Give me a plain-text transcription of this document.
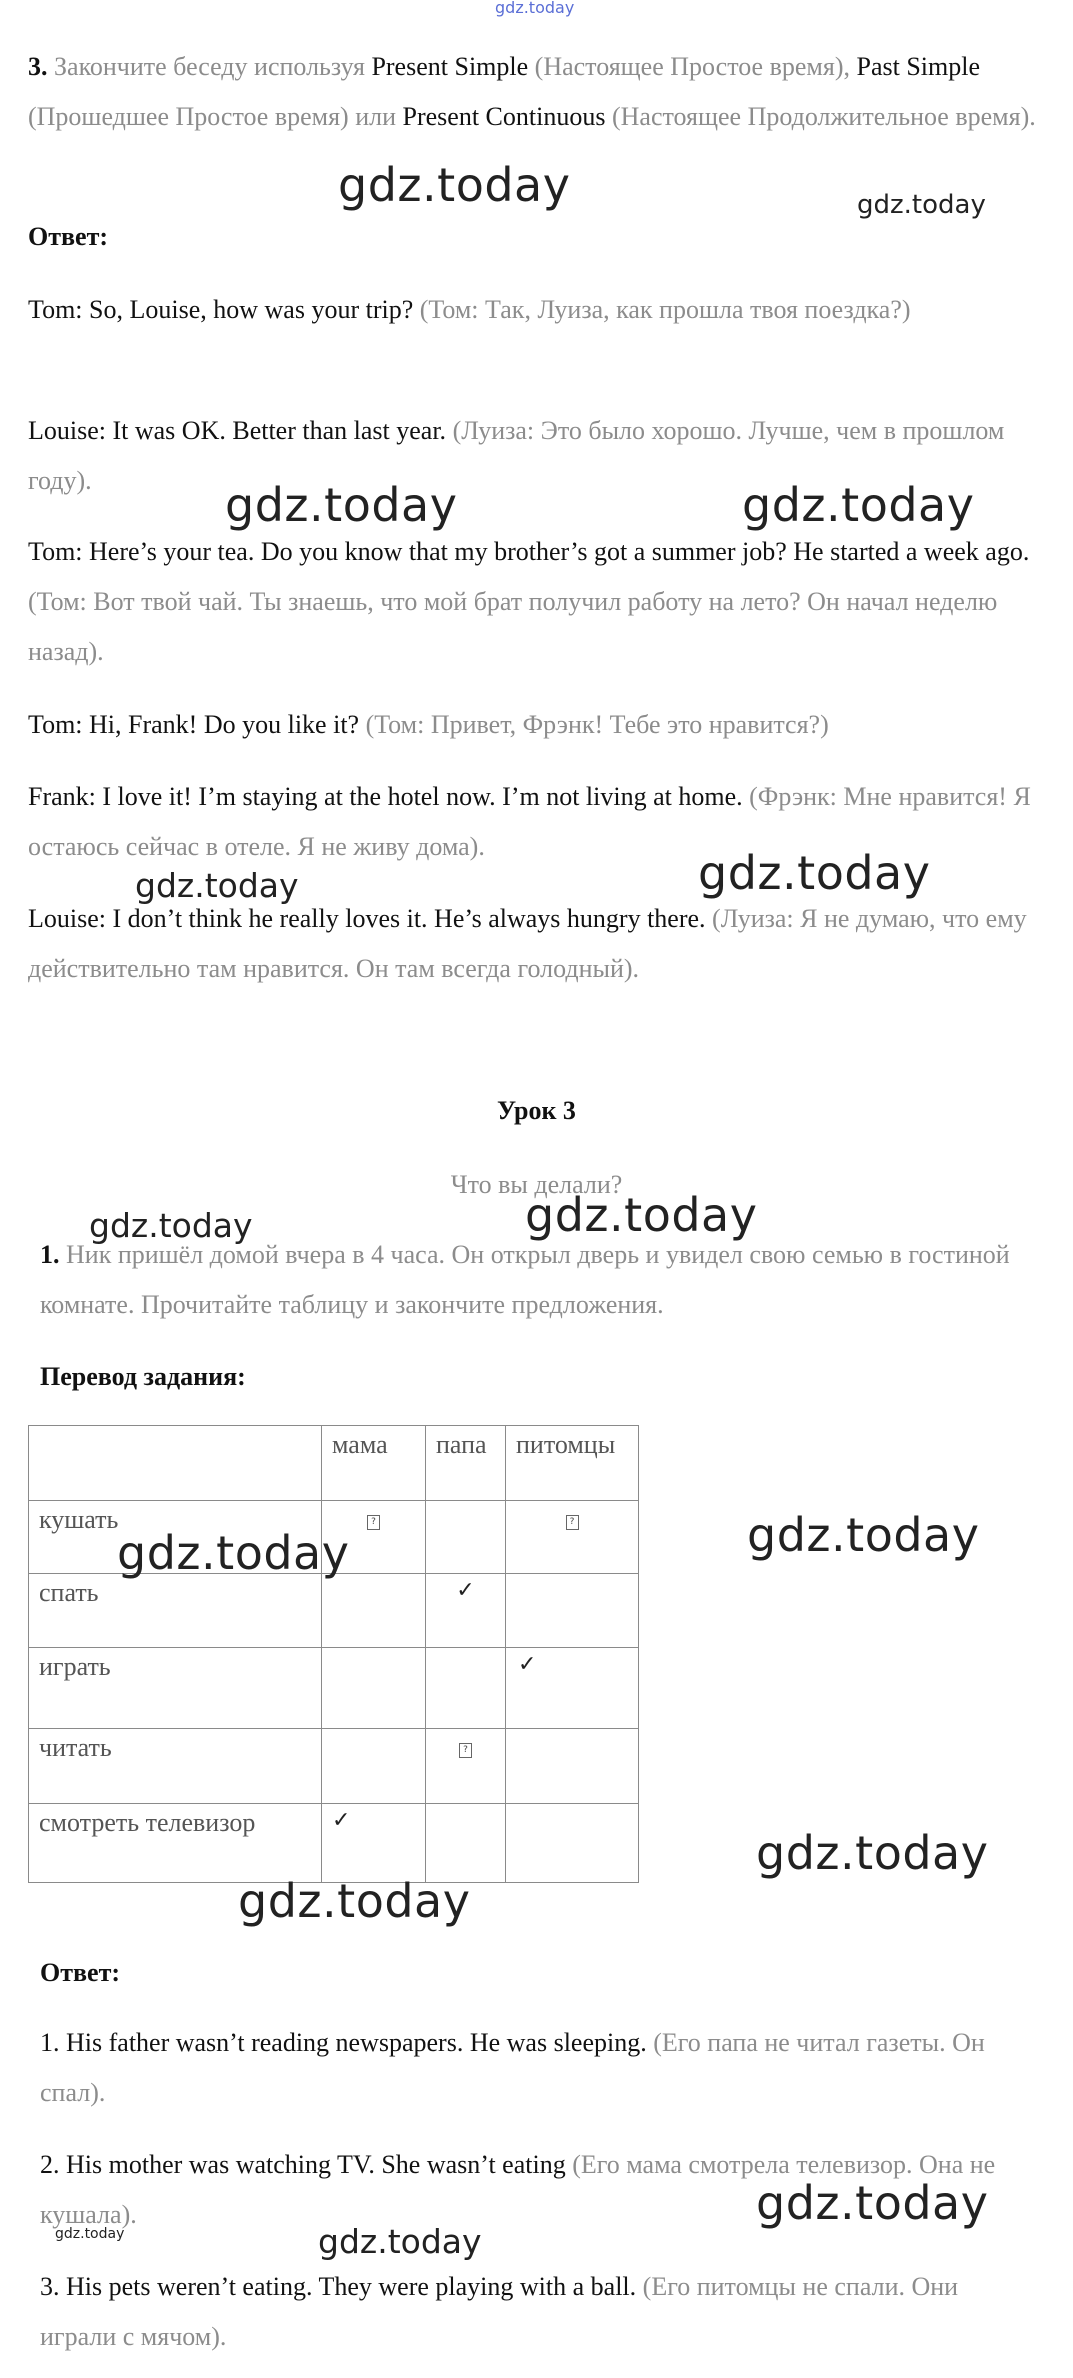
gdz.today
3. Закончите беседу используя Present Simple (Настоящее Простое время), Past Simple (Прошедшее Простое время) или Present Continuous (Настоящее Продолжительное время).
Ответ:
Tom: So, Louise, how was your trip? (Том: Так, Луиза, как прошла твоя поездка?)
Louise: It was OK. Better than last year. (Луиза: Это было хорошо. Лучше, чем в прошлом году).
Tom: Here’s your tea. Do you know that my brother’s got a summer job? He started a week ago. (Том: Вот твой чай. Ты знаешь, что мой брат получил работу на лето? Он начал неделю назад).
Tom: Hi, Frank! Do you like it? (Том: Привет, Фрэнк! Тебе это нравится?)
Frank: I love it! I’m staying at the hotel now. I’m not living at home. (Фрэнк: Мне нравится! Я остаюсь сейчас в отеле. Я не живу дома).
Louise: I don’t think he really loves it. He’s always hungry there. (Луиза: Я не думаю, что ему действительно там нравится. Он там всегда голодный).
Урок 3
Что вы делали?
1. Ник пришёл домой вчера в 4 часа. Он открыл дверь и увидел свою семью в гостиной комнате. Прочитайте таблицу и закончите предложения.
Перевод задания:
	мама	папа	питомцы
кушать	?		?

спать		✓	

играть			✓

читать		?	

смотреть телевизор	✓		

Ответ:
1. His father wasn’t reading newspapers. He was sleeping. (Его папа не читал газеты. Он спал).
2. His mother was watching TV. She wasn’t eating (Его мама смотрела телевизор. Она не кушала).
3. His pets weren’t eating. They were playing with a ball. (Его питомцы не спали. Они играли с мячом).
gdz.today	gdz.today
gdz.today	gdz.today
gdz.today	gdz.today
gdz.today	gdz.today
gdz.today	gdz.today
gdz.today
gdz.today
gdz.today
gdz.today
gdz.today
